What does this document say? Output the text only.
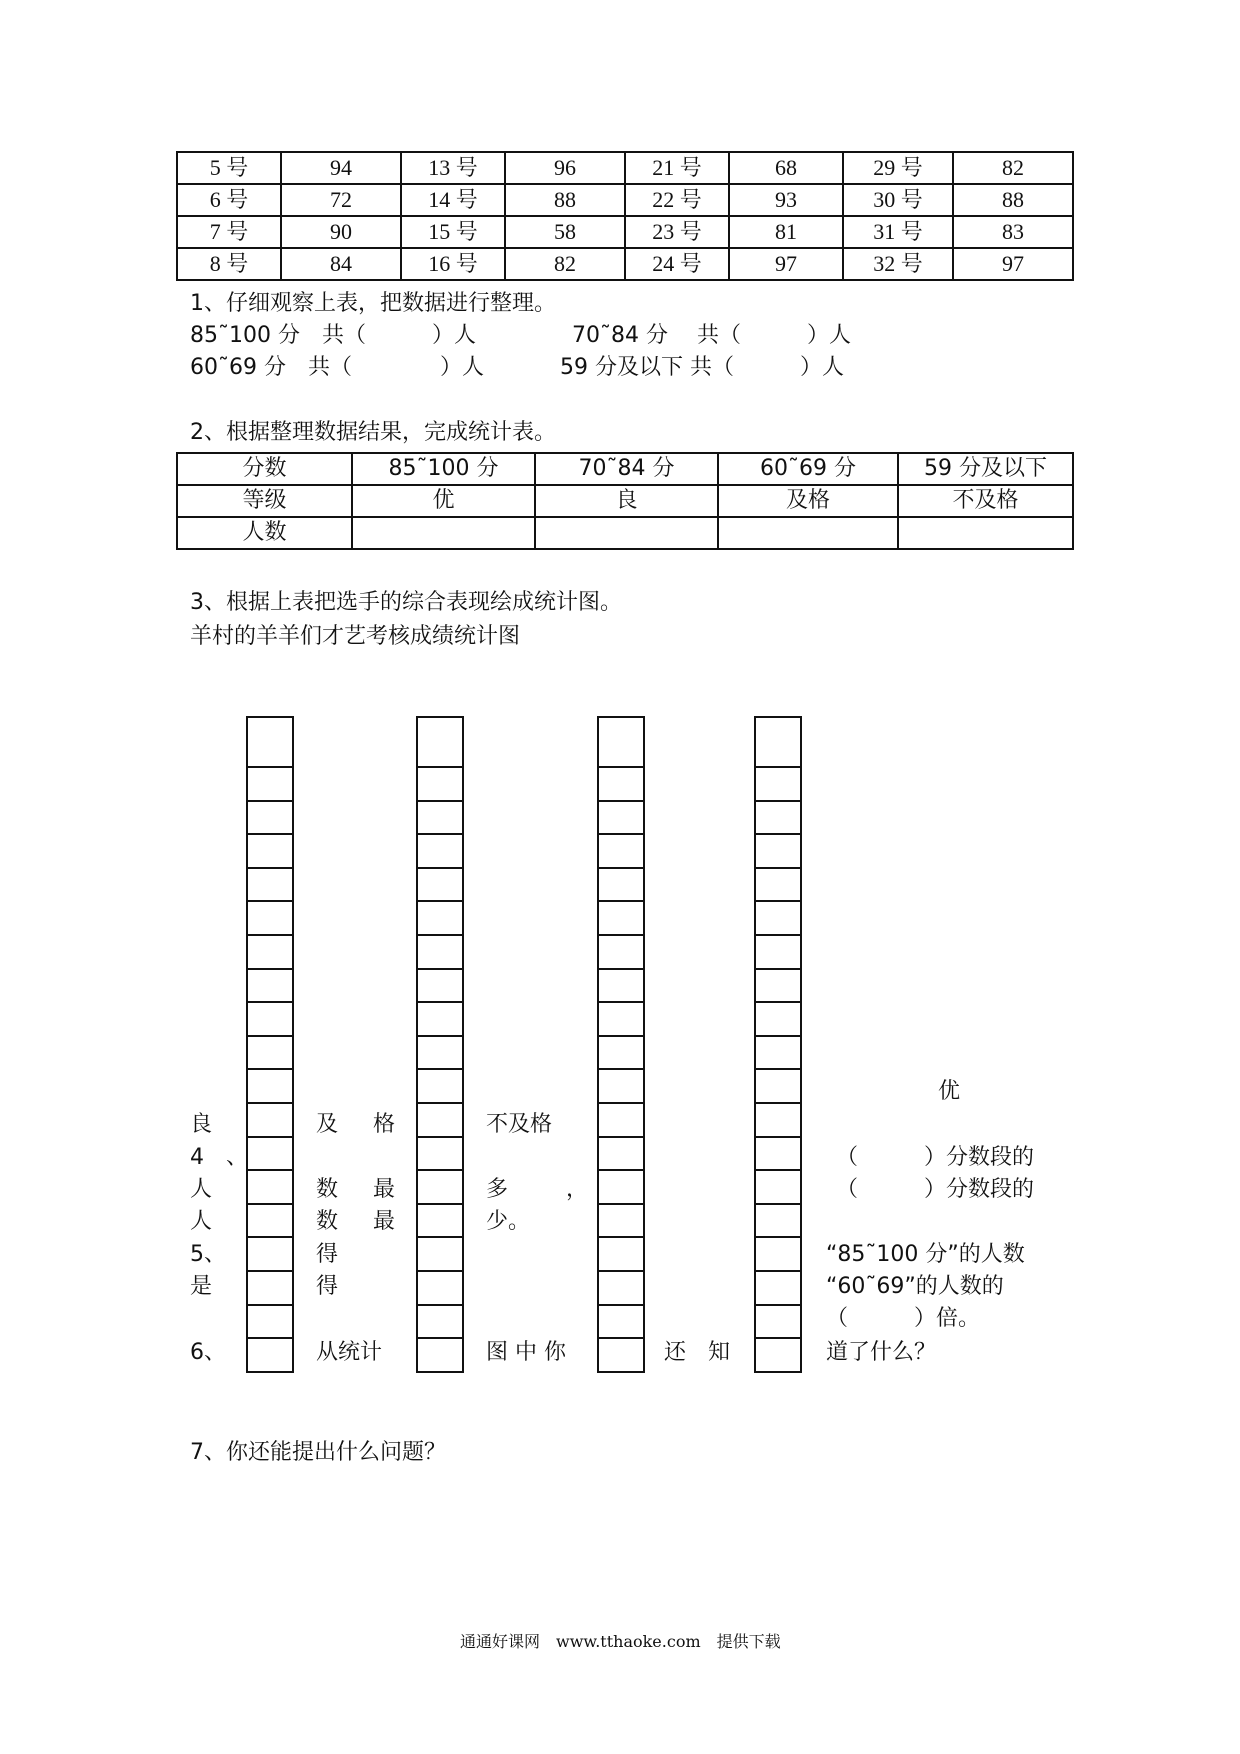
5 号	94	13 号	96	21 号	68	29 号	82
6 号	72	14 号	88	22 号	93	30 号	88
7 号	90	15 号	58	23 号	81	31 号	83
8 号	84	16 号	82	24 号	97	32 号	97
1、仔细观察上表，把数据进行整理。
85˜100 分　共（　　　）人	70˜84 分　 共（　　　）人
60˜69 分　共（　　　　）人	59 分及以下 共（　　　）人
2、根据整理数据结果，完成统计表。
分数	85˜100 分	70˜84 分	60˜69 分	59 分及以下
等级	优	良	及格	不及格
人数				
3、根据上表把选手的综合表现绘成统计图。
羊村的羊羊们才艺考核成绩统计图
优
良	及 格	不及格
4　、	（　　　）分数段的
人	数 最	多	，	（　　　）分数段的
人	数 最	少。
5、	得	“85˜100 分”的人数
是	得	“60˜69”的人数的
（　　　）倍。
6、	从统计	图 中 你	还　知	道了什么？
7、你还能提出什么问题？
通通好课网　www.tthaoke.com　提供下载
